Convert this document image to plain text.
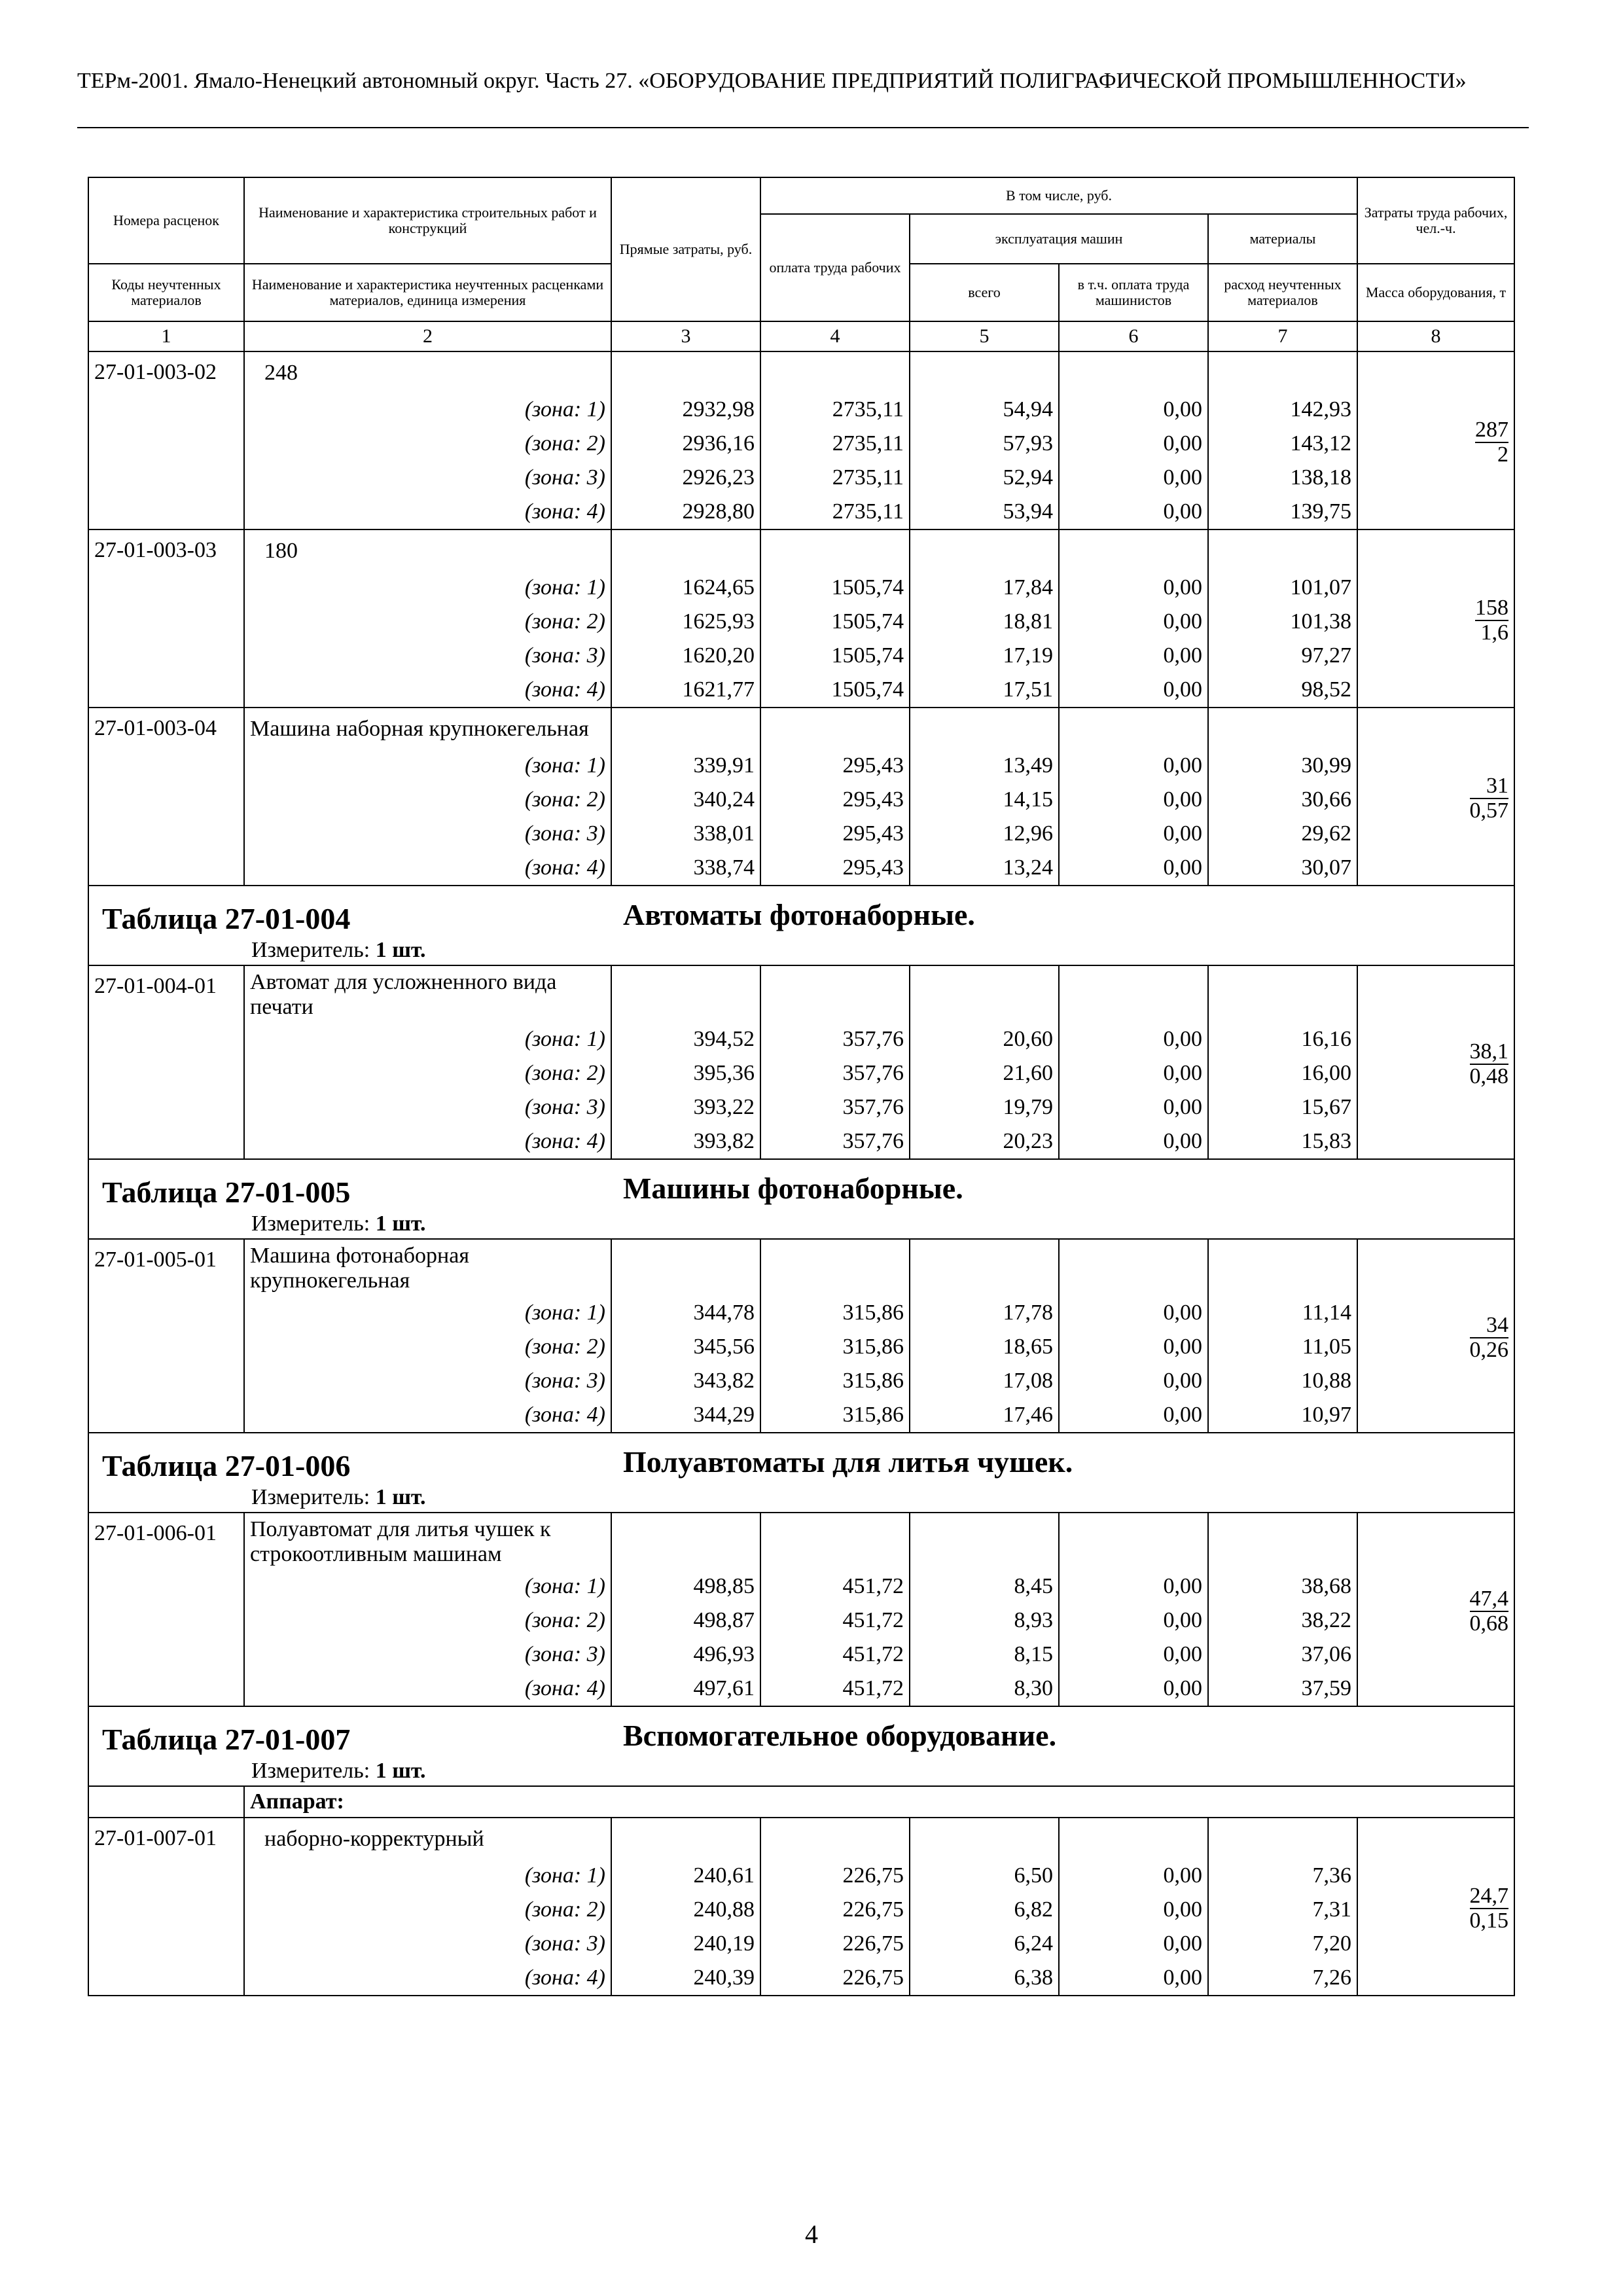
ТЕРм-2001. Ямало-Ненецкий автономный округ. Часть 27. «ОБОРУДОВАНИЕ ПРЕДПРИЯТИЙ ПОЛИГРАФИЧЕСКОЙ ПРОМЫШЛЕННОСТИ»
Номера расценок	Наименование и характеристика строительных работ и конструкций	Прямые затраты, руб.	В том числе, руб.				Затраты труда рабочих, чел.-ч.
			оплата труда рабочих	эксплуатация машин		материалы	
Коды неучтенных материалов	Наименование и характеристика неучтенных расценками материалов, единица измерения			всего	в т.ч. оплата труда машинистов	расход неучтенных материалов	Масса оборудования, т
1	2	3	4	5	6	7	8
27-01-003-02	248						$\frac{287}{2}$

	(зона: 1)	2932,98	2735,11	54,94	0,00	142,93	
	(зона: 2)	2936,16	2735,11	57,93	0,00	143,12	
	(зона: 3)	2926,23	2735,11	52,94	0,00	138,18	
	(зона: 4)	2928,80	2735,11	53,94	0,00	139,75	
27-01-003-03	180						$\frac{158}{1,6}$

	(зона: 1)	1624,65	1505,74	17,84	0,00	101,07	
	(зона: 2)	1625,93	1505,74	18,81	0,00	101,38	
	(зона: 3)	1620,20	1505,74	17,19	0,00	97,27	
	(зона: 4)	1621,77	1505,74	17,51	0,00	98,52	
27-01-003-04	Машина наборная крупнокегельная						$\frac{31}{0,57}$

	(зона: 1)	339,91	295,43	13,49	0,00	30,99	
	(зона: 2)	340,24	295,43	14,15	0,00	30,66	
	(зона: 3)	338,01	295,43	12,96	0,00	29,62	
	(зона: 4)	338,74	295,43	13,24	0,00	30,07	
Таблица 27-01-004 Автоматы фотонаборные.							

Измеритель: 1 шт.							
27-01-004-01	Автомат для усложненного вида печати						$\frac{38,1}{0,48}$

	(зона: 1)	394,52	357,76	20,60	0,00	16,16	
	(зона: 2)	395,36	357,76	21,60	0,00	16,00	
	(зона: 3)	393,22	357,76	19,79	0,00	15,67	
	(зона: 4)	393,82	357,76	20,23	0,00	15,83	
Таблица 27-01-005 Машины фотонаборные.							

Измеритель: 1 шт.							
27-01-005-01	Машина фотонаборная крупнокегельная						$\frac{34}{0,26}$

	(зона: 1)	344,78	315,86	17,78	0,00	11,14	
	(зона: 2)	345,56	315,86	18,65	0,00	11,05	
	(зона: 3)	343,82	315,86	17,08	0,00	10,88	
	(зона: 4)	344,29	315,86	17,46	0,00	10,97	
Таблица 27-01-006 Полуавтоматы для литья чушек.							

Измеритель: 1 шт.							
27-01-006-01	Полуавтомат для литья чушек к строкоотливным машинам						$\frac{47,4}{0,68}$

	(зона: 1)	498,85	451,72	8,45	0,00	38,68	
	(зона: 2)	498,87	451,72	8,93	0,00	38,22	
	(зона: 3)	496,93	451,72	8,15	0,00	37,06	
	(зона: 4)	497,61	451,72	8,30	0,00	37,59	
Таблица 27-01-007 Вспомогательное оборудование.							

Измеритель: 1 шт.							
	Аппарат:						
27-01-007-01	наборно-корректурный						$\frac{24,7}{0,15}$

	(зона: 1)	240,61	226,75	6,50	0,00	7,36	
	(зона: 2)	240,88	226,75	6,82	0,00	7,31	
	(зона: 3)	240,19	226,75	6,24	0,00	7,20	
	(зона: 4)	240,39	226,75	6,38	0,00	7,26	
4
